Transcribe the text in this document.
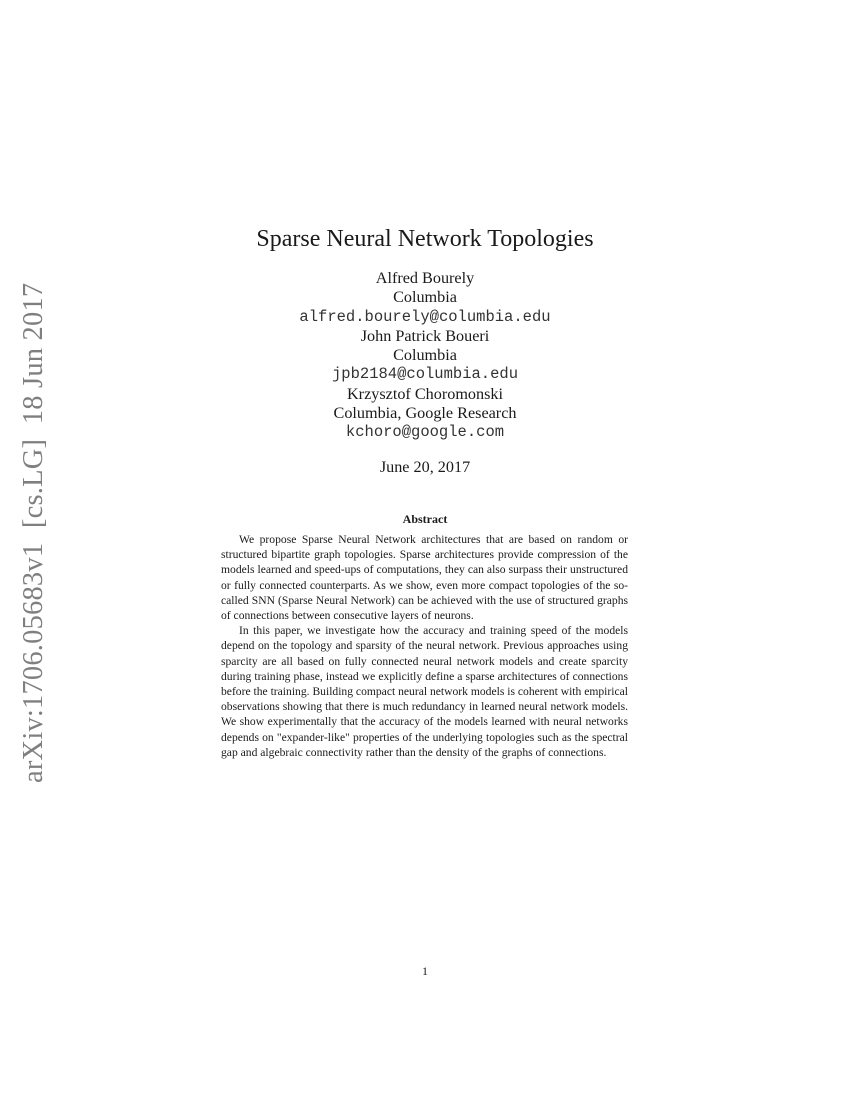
arXiv:1706.05683v1  [cs.LG]  18 Jun 2017
Sparse Neural Network Topologies
Alfred Bourely
Columbia
alfred.bourely@columbia.edu
John Patrick Boueri
Columbia
jpb2184@columbia.edu
Krzysztof Choromonski
Columbia, Google Research
kchoro@google.com
June 20, 2017
Abstract

We propose Sparse Neural Network architectures that are based on random or structured bipartite graph topologies. Sparse architectures provide compression of the models learned and speed-ups of computations, they can also surpass their unstructured or fully connected counterparts. As we show, even more compact topologies of the so-called SNN (Sparse Neural Network) can be achieved with the use of structured graphs of connections between consecutive layers of neurons.

In this paper, we investigate how the accuracy and training speed of the models depend on the topology and sparsity of the neural network. Previous approaches using sparcity are all based on fully connected neural network models and create sparcity during training phase, instead we explicitly define a sparse architectures of connections before the training. Building compact neural network models is coherent with empirical observations showing that there is much redundancy in learned neural network models. We show experimentally that the accuracy of the models learned with neural networks depends on "expander-like" properties of the underlying topologies such as the spectral gap and algebraic connectivity rather than the density of the graphs of connections.

1
